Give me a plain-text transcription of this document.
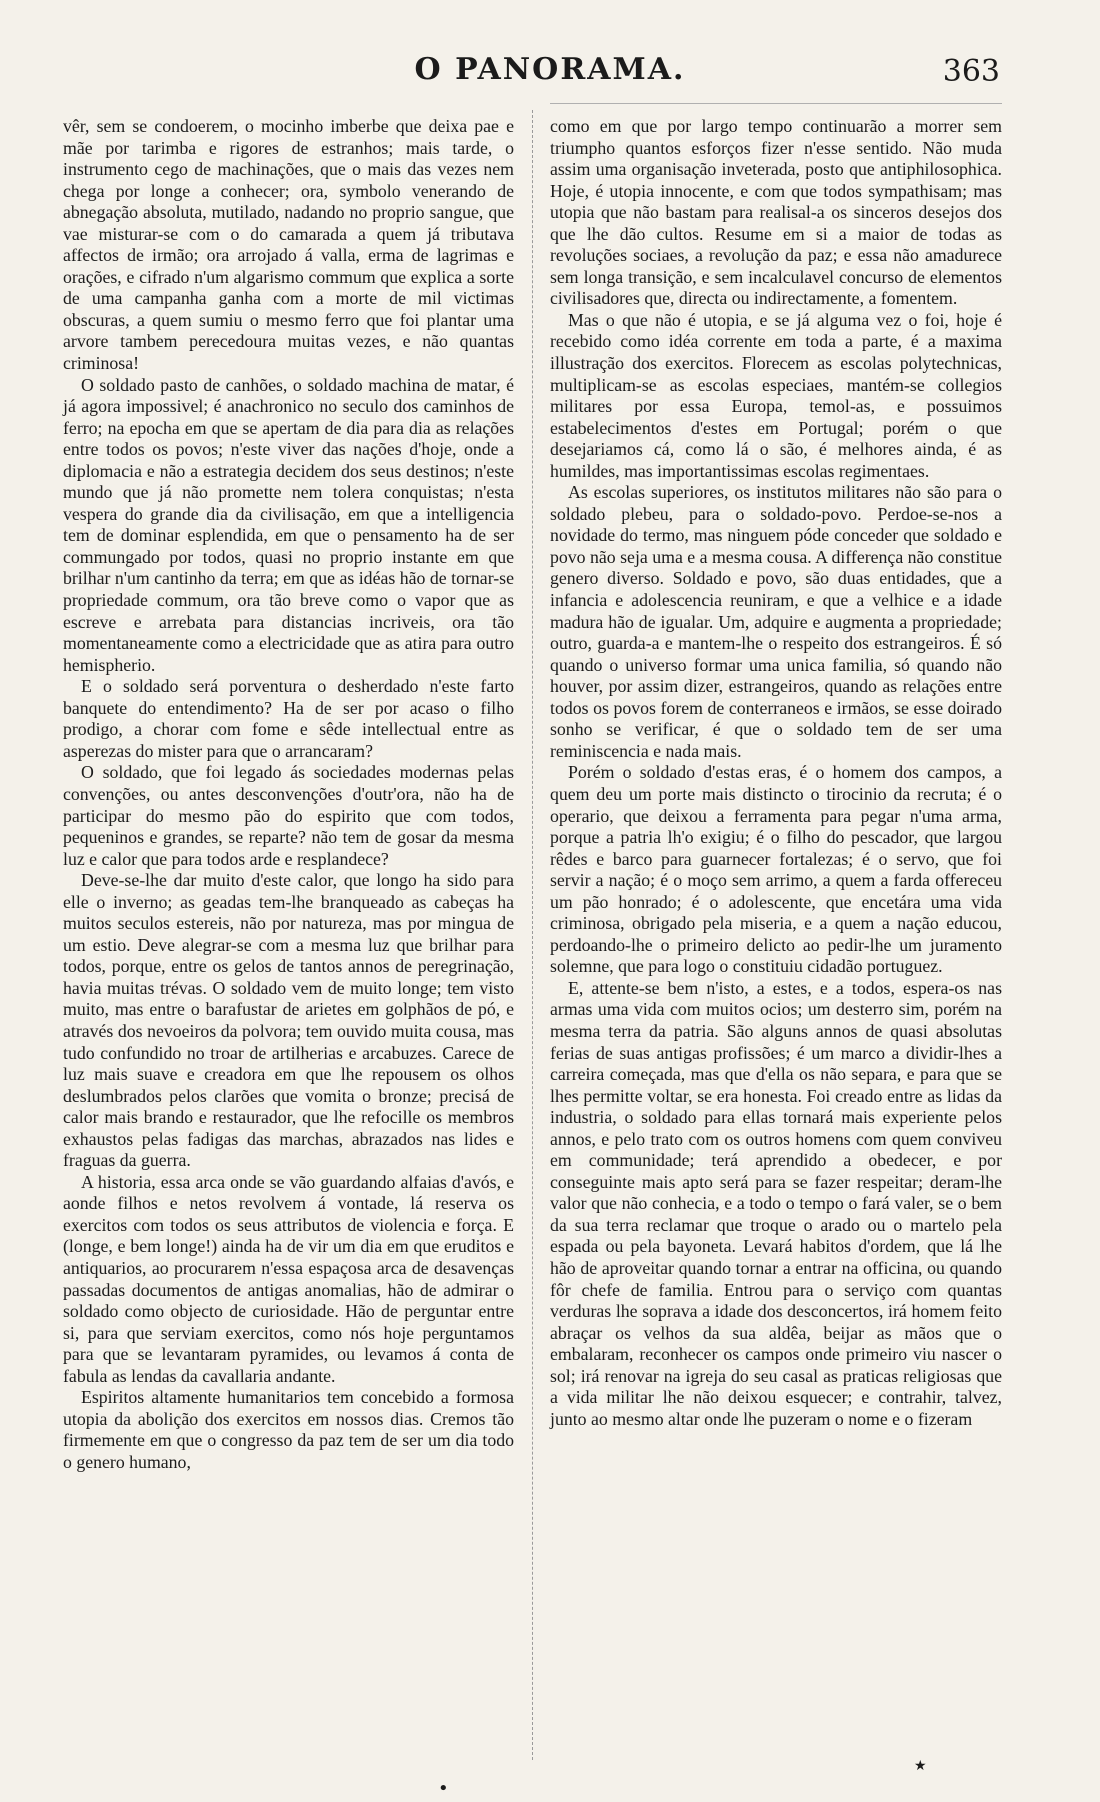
O PANORAMA.	363

vêr, sem se condoerem, o mocinho imberbe que deixa pae e mãe por tarimba e rigores de estranhos; mais tarde, o instrumento cego de machinações, que o mais das vezes nem chega por longe a conhecer; ora, symbolo venerando de abnegação absoluta, mutilado, nadando no proprio sangue, que vae misturar-se com o do camarada a quem já tributava affectos de irmão; ora arrojado á valla, erma de lagrimas e orações, e cifrado n'um algarismo commum que explica a sorte de uma campanha ganha com a morte de mil victimas obscuras, a quem sumiu o mesmo ferro que foi plantar uma arvore tambem perecedoura muitas vezes, e não quantas criminosa!

O soldado pasto de canhões, o soldado machina de matar, é já agora impossivel; é anachronico no seculo dos caminhos de ferro; na epocha em que se apertam de dia para dia as relações entre todos os povos; n'este viver das nações d'hoje, onde a diplomacia e não a estrategia decidem dos seus destinos; n'este mundo que já não promette nem tolera conquistas; n'esta vespera do grande dia da civilisação, em que a intelligencia tem de dominar esplendida, em que o pensamento ha de ser commungado por todos, quasi no proprio instante em que brilhar n'um cantinho da terra; em que as idéas hão de tornar-se propriedade commum, ora tão breve como o vapor que as escreve e arrebata para distancias incriveis, ora tão momentaneamente como a electricidade que as atira para outro hemispherio.

E o soldado será porventura o desherdado n'este farto banquete do entendimento? Ha de ser por acaso o filho prodigo, a chorar com fome e sêde intellectual entre as asperezas do mister para que o arrancaram?

O soldado, que foi legado ás sociedades modernas pelas convenções, ou antes desconvenções d'outr'ora, não ha de participar do mesmo pão do espirito que com todos, pequeninos e grandes, se reparte? não tem de gosar da mesma luz e calor que para todos arde e resplandece?

Deve-se-lhe dar muito d'este calor, que longo ha sido para elle o inverno; as geadas tem-lhe branqueado as cabeças ha muitos seculos estereis, não por natureza, mas por mingua de um estio. Deve alegrar-se com a mesma luz que brilhar para todos, porque, entre os gelos de tantos annos de peregrinação, havia muitas trévas. O soldado vem de muito longe; tem visto muito, mas entre o barafustar de arietes em golphãos de pó, e através dos nevoeiros da polvora; tem ouvido muita cousa, mas tudo confundido no troar de artilherias e arcabuzes. Carece de luz mais suave e creadora em que lhe repousem os olhos deslumbrados pelos clarões que vomita o bronze; precisá de calor mais brando e restaurador, que lhe refocille os membros exhaustos pelas fadigas das marchas, abrazados nas lides e fraguas da guerra.

A historia, essa arca onde se vão guardando alfaias d'avós, e aonde filhos e netos revolvem á vontade, lá reserva os exercitos com todos os seus attributos de violencia e força. E (longe, e bem longe!) ainda ha de vir um dia em que eruditos e antiquarios, ao procurarem n'essa espaçosa arca de desavenças passadas documentos de antigas anomalias, hão de admirar o soldado como objecto de curiosidade. Hão de perguntar entre si, para que serviam exercitos, como nós hoje perguntamos para que se levantaram pyramides, ou levamos á conta de fabula as lendas da cavallaria andante.

Espiritos altamente humanitarios tem concebido a formosa utopia da abolição dos exercitos em nossos dias. Cremos tão firmemente em que o congresso da paz tem de ser um dia todo o genero humano,

como em que por largo tempo continuarão a morrer sem triumpho quantos esforços fizer n'esse sentido. Não muda assim uma organisação inveterada, posto que antiphilosophica. Hoje, é utopia innocente, e com que todos sympathisam; mas utopia que não bastam para realisal-a os sinceros desejos dos que lhe dão cultos. Resume em si a maior de todas as revoluções sociaes, a revolução da paz; e essa não amadurece sem longa transição, e sem incalculavel concurso de elementos civilisadores que, directa ou indirectamente, a fomentem.

Mas o que não é utopia, e se já alguma vez o foi, hoje é recebido como idéa corrente em toda a parte, é a maxima illustração dos exercitos. Florecem as escolas polytechnicas, multiplicam-se as escolas especiaes, mantém-se collegios militares por essa Europa, temol-as, e possuimos estabelecimentos d'estes em Portugal; porém o que desejariamos cá, como lá o são, é melhores ainda, é as humildes, mas importantissimas escolas regimentaes.

As escolas superiores, os institutos militares não são para o soldado plebeu, para o soldado-povo. Perdoe-se-nos a novidade do termo, mas ninguem póde conceder que soldado e povo não seja uma e a mesma cousa. A differença não constitue genero diverso. Soldado e povo, são duas entidades, que a infancia e adolescencia reuniram, e que a velhice e a idade madura hão de igualar. Um, adquire e augmenta a propriedade; outro, guarda-a e mantem-lhe o respeito dos estrangeiros. É só quando o universo formar uma unica familia, só quando não houver, por assim dizer, estrangeiros, quando as relações entre todos os povos forem de conterraneos e irmãos, se esse doirado sonho se verificar, é que o soldado tem de ser uma reminiscencia e nada mais.

Porém o soldado d'estas eras, é o homem dos campos, a quem deu um porte mais distincto o tirocinio da recruta; é o operario, que deixou a ferramenta para pegar n'uma arma, porque a patria lh'o exigiu; é o filho do pescador, que largou rêdes e barco para guarnecer fortalezas; é o servo, que foi servir a nação; é o moço sem arrimo, a quem a farda offereceu um pão honrado; é o adolescente, que encetára uma vida criminosa, obrigado pela miseria, e a quem a nação educou, perdoando-lhe o primeiro delicto ao pedir-lhe um juramento solemne, que para logo o constituiu cidadão portuguez.

E, attente-se bem n'isto, a estes, e a todos, espera-os nas armas uma vida com muitos ocios; um desterro sim, porém na mesma terra da patria. São alguns annos de quasi absolutas ferias de suas antigas profissões; é um marco a dividir-lhes a carreira começada, mas que d'ella os não separa, e para que se lhes permitte voltar, se era honesta. Foi creado entre as lidas da industria, o soldado para ellas tornará mais experiente pelos annos, e pelo trato com os outros homens com quem conviveu em communidade; terá aprendido a obedecer, e por conseguinte mais apto será para se fazer respeitar; deram-lhe valor que não conhecia, e a todo o tempo o fará valer, se o bem da sua terra reclamar que troque o arado ou o martelo pela espada ou pela bayoneta. Levará habitos d'ordem, que lá lhe hão de aproveitar quando tornar a entrar na officina, ou quando fôr chefe de familia. Entrou para o serviço com quantas verduras lhe soprava a idade dos desconcertos, irá homem feito abraçar os velhos da sua aldêa, beijar as mãos que o embalaram, reconhecer os campos onde primeiro viu nascer o sol; irá renovar na igreja do seu casal as praticas religiosas que a vida militar lhe não deixou esquecer; e contrahir, talvez, junto ao mesmo altar onde lhe puzeram o nome e o fizeram

★
•
